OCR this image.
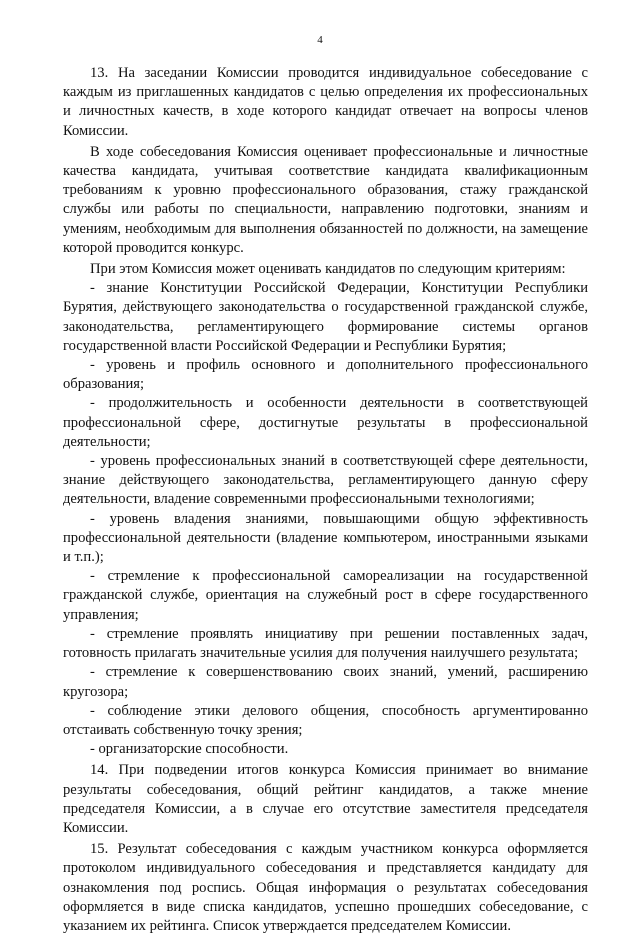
4

13. На заседании Комиссии проводится индивидуальное собеседование с каждым из приглашенных кандидатов с целью определения их профессиональных и личностных качеств, в ходе которого кандидат отвечает на вопросы членов Комиссии.

В ходе собеседования Комиссия оценивает профессиональные и личностные качества кандидата, учитывая соответствие кандидата квалификационным требованиям к уровню профессионального образования, стажу гражданской службы или работы по специальности, направлению подготовки, знаниям и умениям, необходимым для выполнения обязанностей по должности, на замещение которой проводится конкурс.

При этом Комиссия может оценивать кандидатов по следующим критериям:

- знание Конституции Российской Федерации, Конституции Республики Бурятия, действующего законодательства о государственной гражданской службе, законодательства, регламентирующего формирование системы органов государственной власти Российской Федерации и Республики Бурятия;

- уровень и профиль основного и дополнительного профессионального образования;

- продолжительность и особенности деятельности в соответствующей профессиональной сфере, достигнутые результаты в профессиональной деятельности;

- уровень профессиональных знаний в соответствующей сфере деятельности, знание действующего законодательства, регламентирующего данную сферу деятельности, владение современными профессиональными технологиями;

- уровень владения знаниями, повышающими общую эффективность профессиональной деятельности (владение компьютером, иностранными языками и т.п.);

- стремление к профессиональной самореализации на государственной гражданской службе, ориентация на служебный рост в сфере государственного управления;

- стремление проявлять инициативу при решении поставленных задач, готовность прилагать значительные усилия для получения наилучшего результата;

- стремление к совершенствованию своих знаний, умений, расширению кругозора;

- соблюдение этики делового общения, способность аргументированно отстаивать собственную точку зрения;

- организаторские способности.

14. При подведении итогов конкурса Комиссия принимает во внимание результаты собеседования, общий рейтинг кандидатов, а также мнение председателя Комиссии, а в случае его отсутствие заместителя председателя Комиссии.

15. Результат собеседования с каждым участником конкурса оформляется протоколом индивидуального собеседования и представляется кандидату для ознакомления под роспись. Общая информация о результатах собеседования оформляется в виде списка кандидатов, успешно прошедших собеседование, с указанием их рейтинга. Список утверждается председателем Комиссии.
